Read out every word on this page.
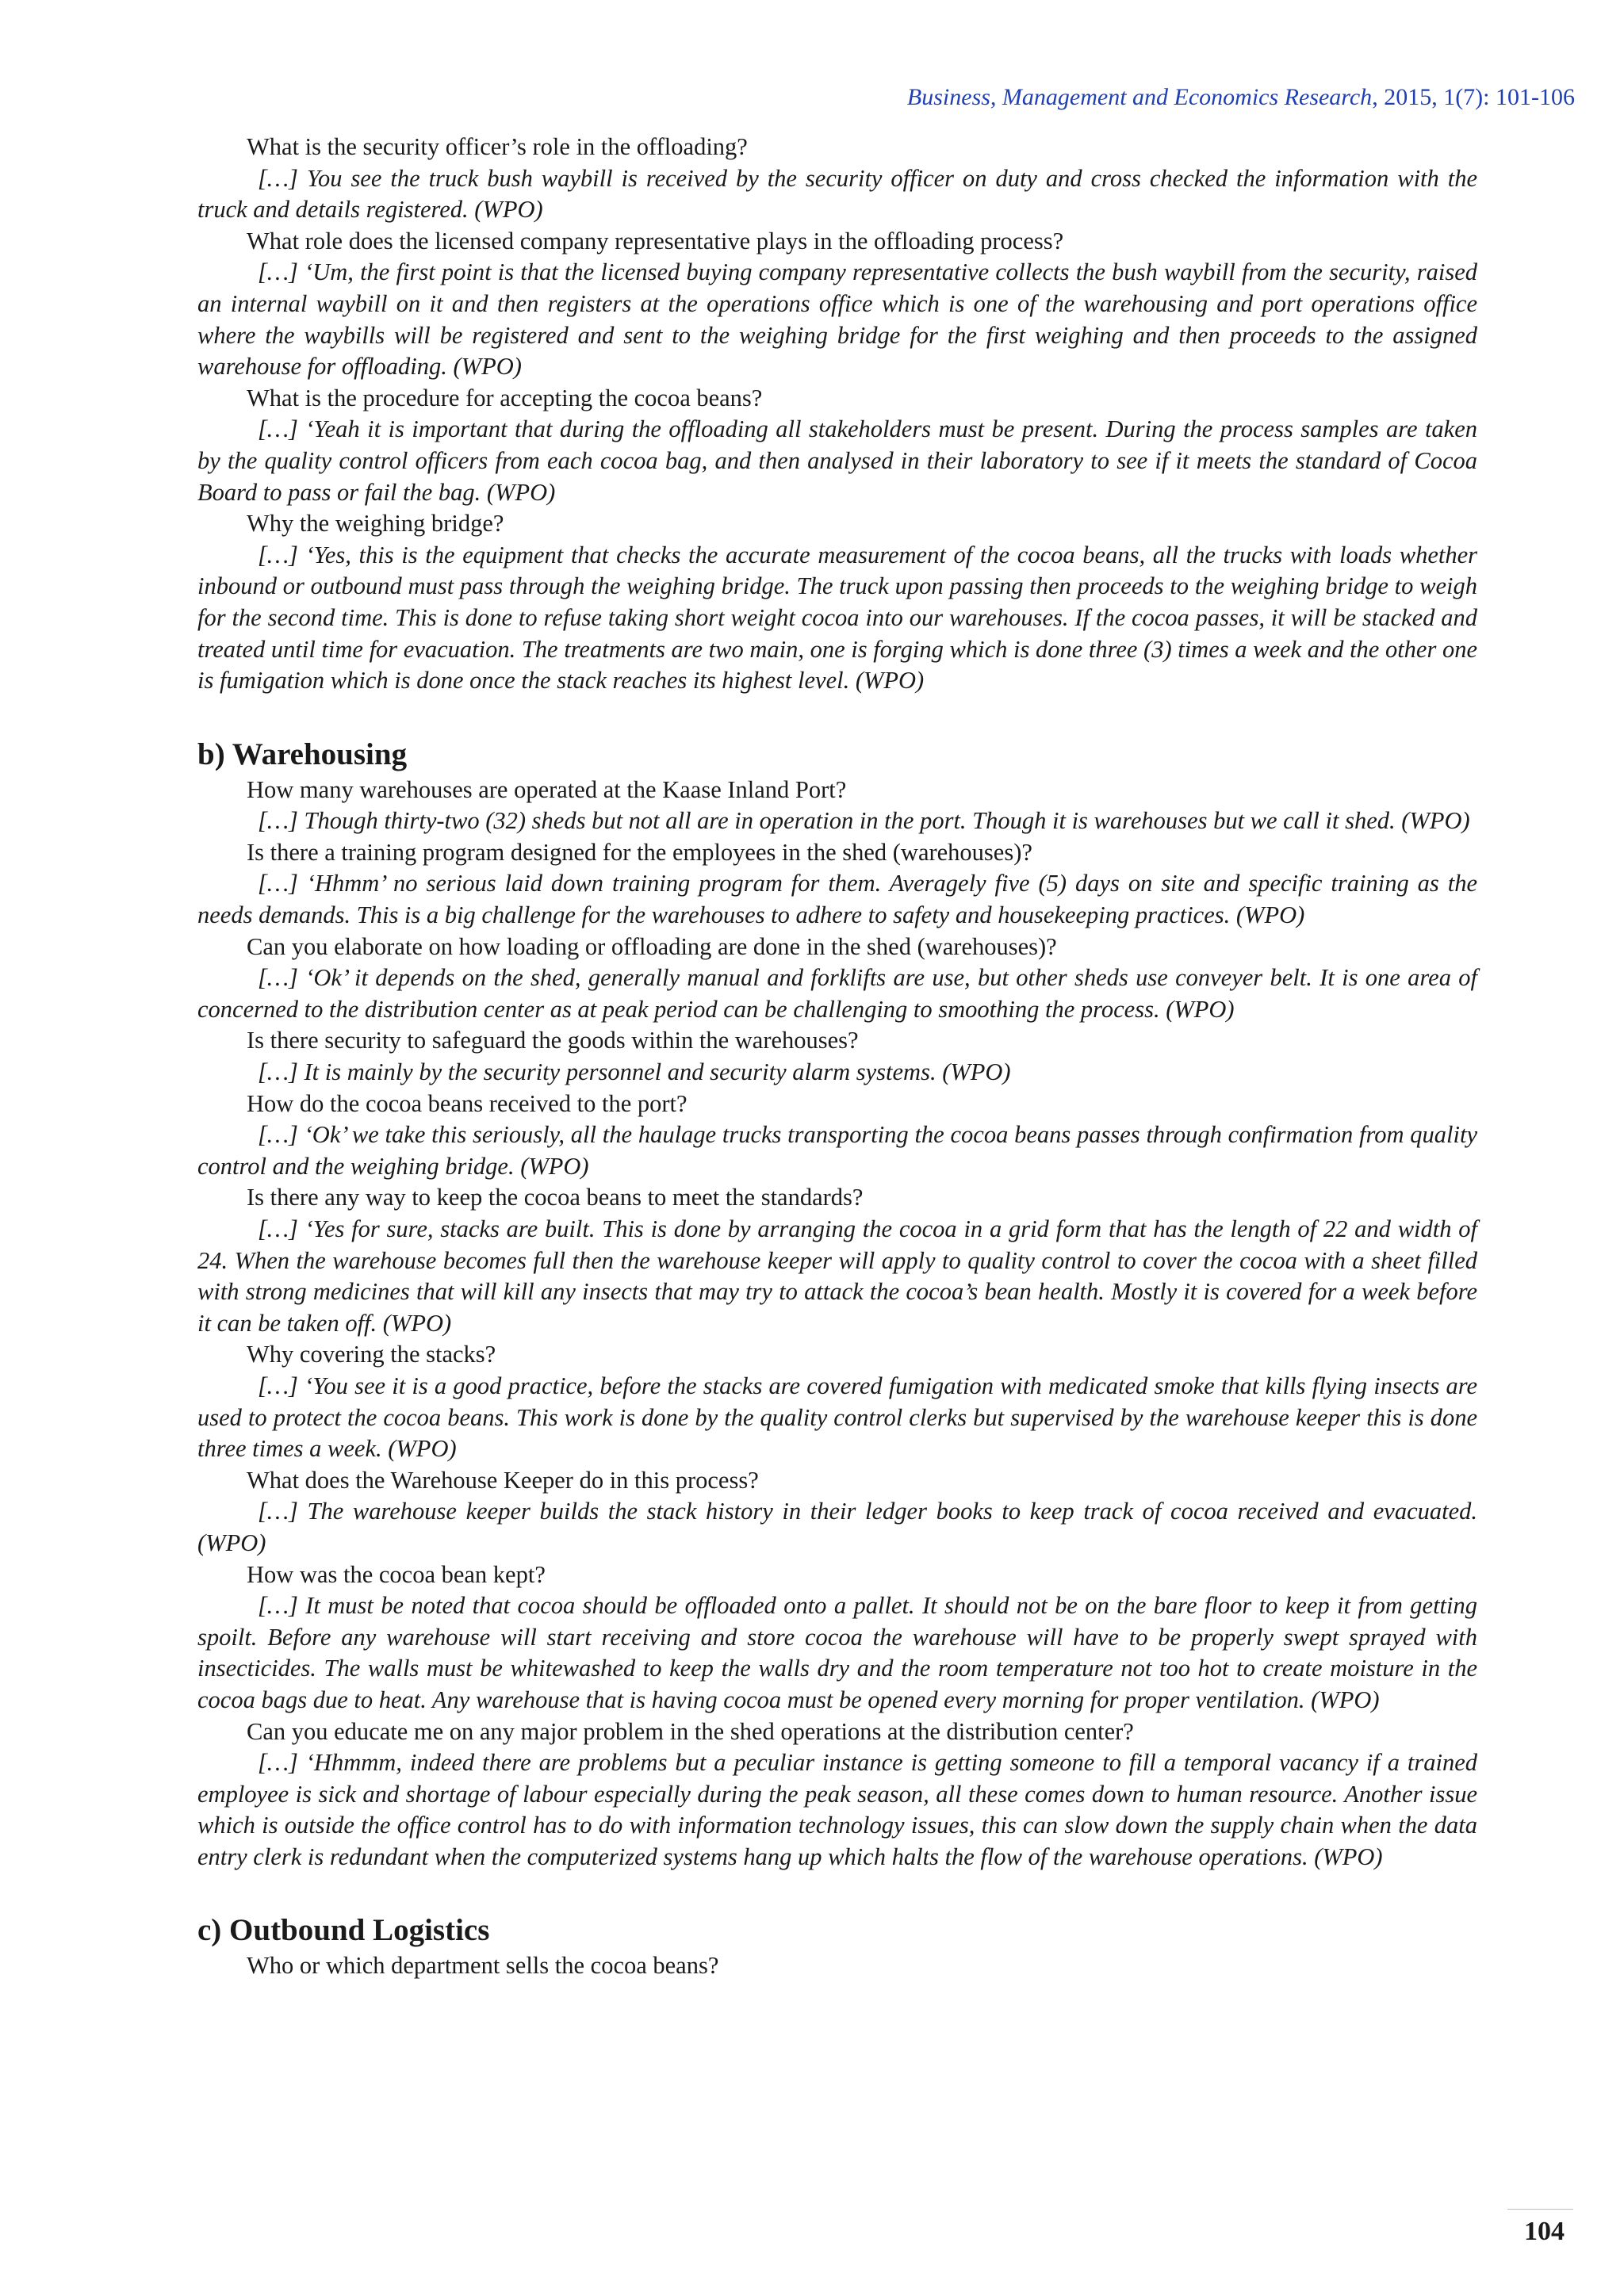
Business, Management and Economics Research, 2015, 1(7): 101-106

What is the security officer’s role in the offloading?

[…] You see the truck bush waybill is received by the security officer on duty and cross checked the information with the truck and details registered. (WPO)

What role does the licensed company representative plays in the offloading process?

[…] ‘Um, the first point is that the licensed buying company representative collects the bush waybill from the security, raised an internal waybill on it and then registers at the operations office which is one of the warehousing and port operations office where the waybills will be registered and sent to the weighing bridge for the first weighing and then proceeds to the assigned warehouse for offloading. (WPO)

What is the procedure for accepting the cocoa beans?

[…] ‘Yeah it is important that during the offloading all stakeholders must be present. During the process samples are taken by the quality control officers from each cocoa bag, and then analysed in their laboratory to see if it meets the standard of Cocoa Board to pass or fail the bag. (WPO)

Why the weighing bridge?

[…] ‘Yes, this is the equipment that checks the accurate measurement of the cocoa beans, all the trucks with loads whether inbound or outbound must pass through the weighing bridge. The truck upon passing then proceeds to the weighing bridge to weigh for the second time. This is done to refuse taking short weight cocoa into our warehouses. If the cocoa passes, it will be stacked and treated until time for evacuation. The treatments are two main, one is forging which is done three (3) times a week and the other one is fumigation which is done once the stack reaches its highest level. (WPO)

b) Warehousing

How many warehouses are operated at the Kaase Inland Port?

[…] Though thirty-two (32) sheds but not all are in operation in the port. Though it is warehouses but we call it shed. (WPO)

Is there a training program designed for the employees in the shed (warehouses)?

[…] ‘Hhmm’ no serious laid down training program for them. Averagely five (5) days on site and specific training as the needs demands. This is a big challenge for the warehouses to adhere to safety and housekeeping practices. (WPO)

Can you elaborate on how loading or offloading are done in the shed (warehouses)?

[…] ‘Ok’ it depends on the shed, generally manual and forklifts are use, but other sheds use conveyer belt. It is one area of concerned to the distribution center as at peak period can be challenging to smoothing the process. (WPO)

Is there security to safeguard the goods within the warehouses?

[…] It is mainly by the security personnel and security alarm systems. (WPO)

How do the cocoa beans received to the port?

[…] ‘Ok’ we take this seriously, all the haulage trucks transporting the cocoa beans passes through confirmation from quality control and the weighing bridge. (WPO)

Is there any way to keep the cocoa beans to meet the standards?

[…] ‘Yes for sure, stacks are built. This is done by arranging the cocoa in a grid form that has the length of 22 and width of 24. When the warehouse becomes full then the warehouse keeper will apply to quality control to cover the cocoa with a sheet filled with strong medicines that will kill any insects that may try to attack the cocoa’s bean health. Mostly it is covered for a week before it can be taken off. (WPO)

Why covering the stacks?

[…] ‘You see it is a good practice, before the stacks are covered fumigation with medicated smoke that kills flying insects are used to protect the cocoa beans. This work is done by the quality control clerks but supervised by the warehouse keeper this is done three times a week. (WPO)

What does the Warehouse Keeper do in this process?

[…] The warehouse keeper builds the stack history in their ledger books to keep track of cocoa received and evacuated. (WPO)

How was the cocoa bean kept?

[…] It must be noted that cocoa should be offloaded onto a pallet. It should not be on the bare floor to keep it from getting spoilt. Before any warehouse will start receiving and store cocoa the warehouse will have to be properly swept sprayed with insecticides. The walls must be whitewashed to keep the walls dry and the room temperature not too hot to create moisture in the cocoa bags due to heat. Any warehouse that is having cocoa must be opened every morning for proper ventilation. (WPO)

Can you educate me on any major problem in the shed operations at the distribution center?

[…] ‘Hhmmm, indeed there are problems but a peculiar instance is getting someone to fill a temporal vacancy if a trained employee is sick and shortage of labour especially during the peak season, all these comes down to human resource. Another issue which is outside the office control has to do with information technology issues, this can slow down the supply chain when the data entry clerk is redundant when the computerized systems hang up which halts the flow of the warehouse operations. (WPO)

c) Outbound Logistics

Who or which department sells the cocoa beans?

104
